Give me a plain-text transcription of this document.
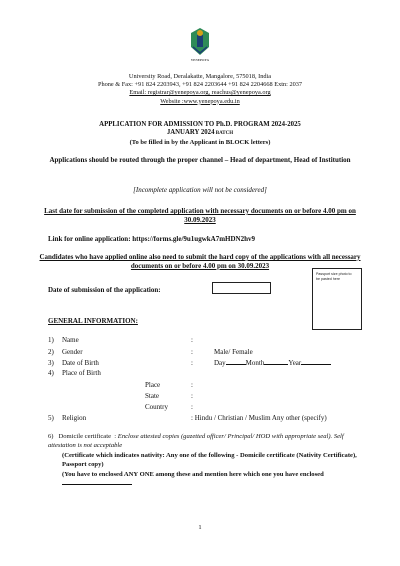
YENEPOYA
University Road, Deralakatte, Mangalore, 575018, India
Phone & Fax: +91 824 2203943, +91 824 2203644 +91 824 2204668 Extn: 2037
Email: registrar@yenepoya.org, reachus@yenepoya.org
Website :www.yenepoya.edu.in
APPLICATION FOR ADMISSION TO Ph.D. PROGRAM 2024-2025
JANUARY 2024 BATCH
(To be filled in by the Applicant in BLOCK letters)
Applications should be routed through the proper channel – Head of department, Head of Institution
[Incomplete application will not be considered]
Last date for submission of the completed application with necessary documents on or before 4.00 pm on 30.09.2023
Link for online application: https://forms.gle/9u1ugwkA7mHDN2hv9
Candidates who have applied online also need to submit the hard copy of the applications with all necessary documents on or before 4.00 pm on 30.09.2023
Date of submission of the application:
Passport size photo to be pasted here
GENERAL INFORMATION:
1) Name	:
2) Gender	:	Male/ Female
3) Date of Birth	:	Day	Month	Year
4) Place of Birth
Place	:
State	:
Country	:
5) Religion	: Hindu / Christian / Muslim Any other (specify)
6) Domicile certificate : Enclose attested copies (gazetted officer/ Principal/ HOD with appropriate seal). Self attestation is not acceptable
(Certificate which indicates nativity: Any one of the following - Domicile certificate (Nativity Certificate), Passport copy)
(You have to enclosed ANY ONE among these and mention here which one you have enclosed
1
